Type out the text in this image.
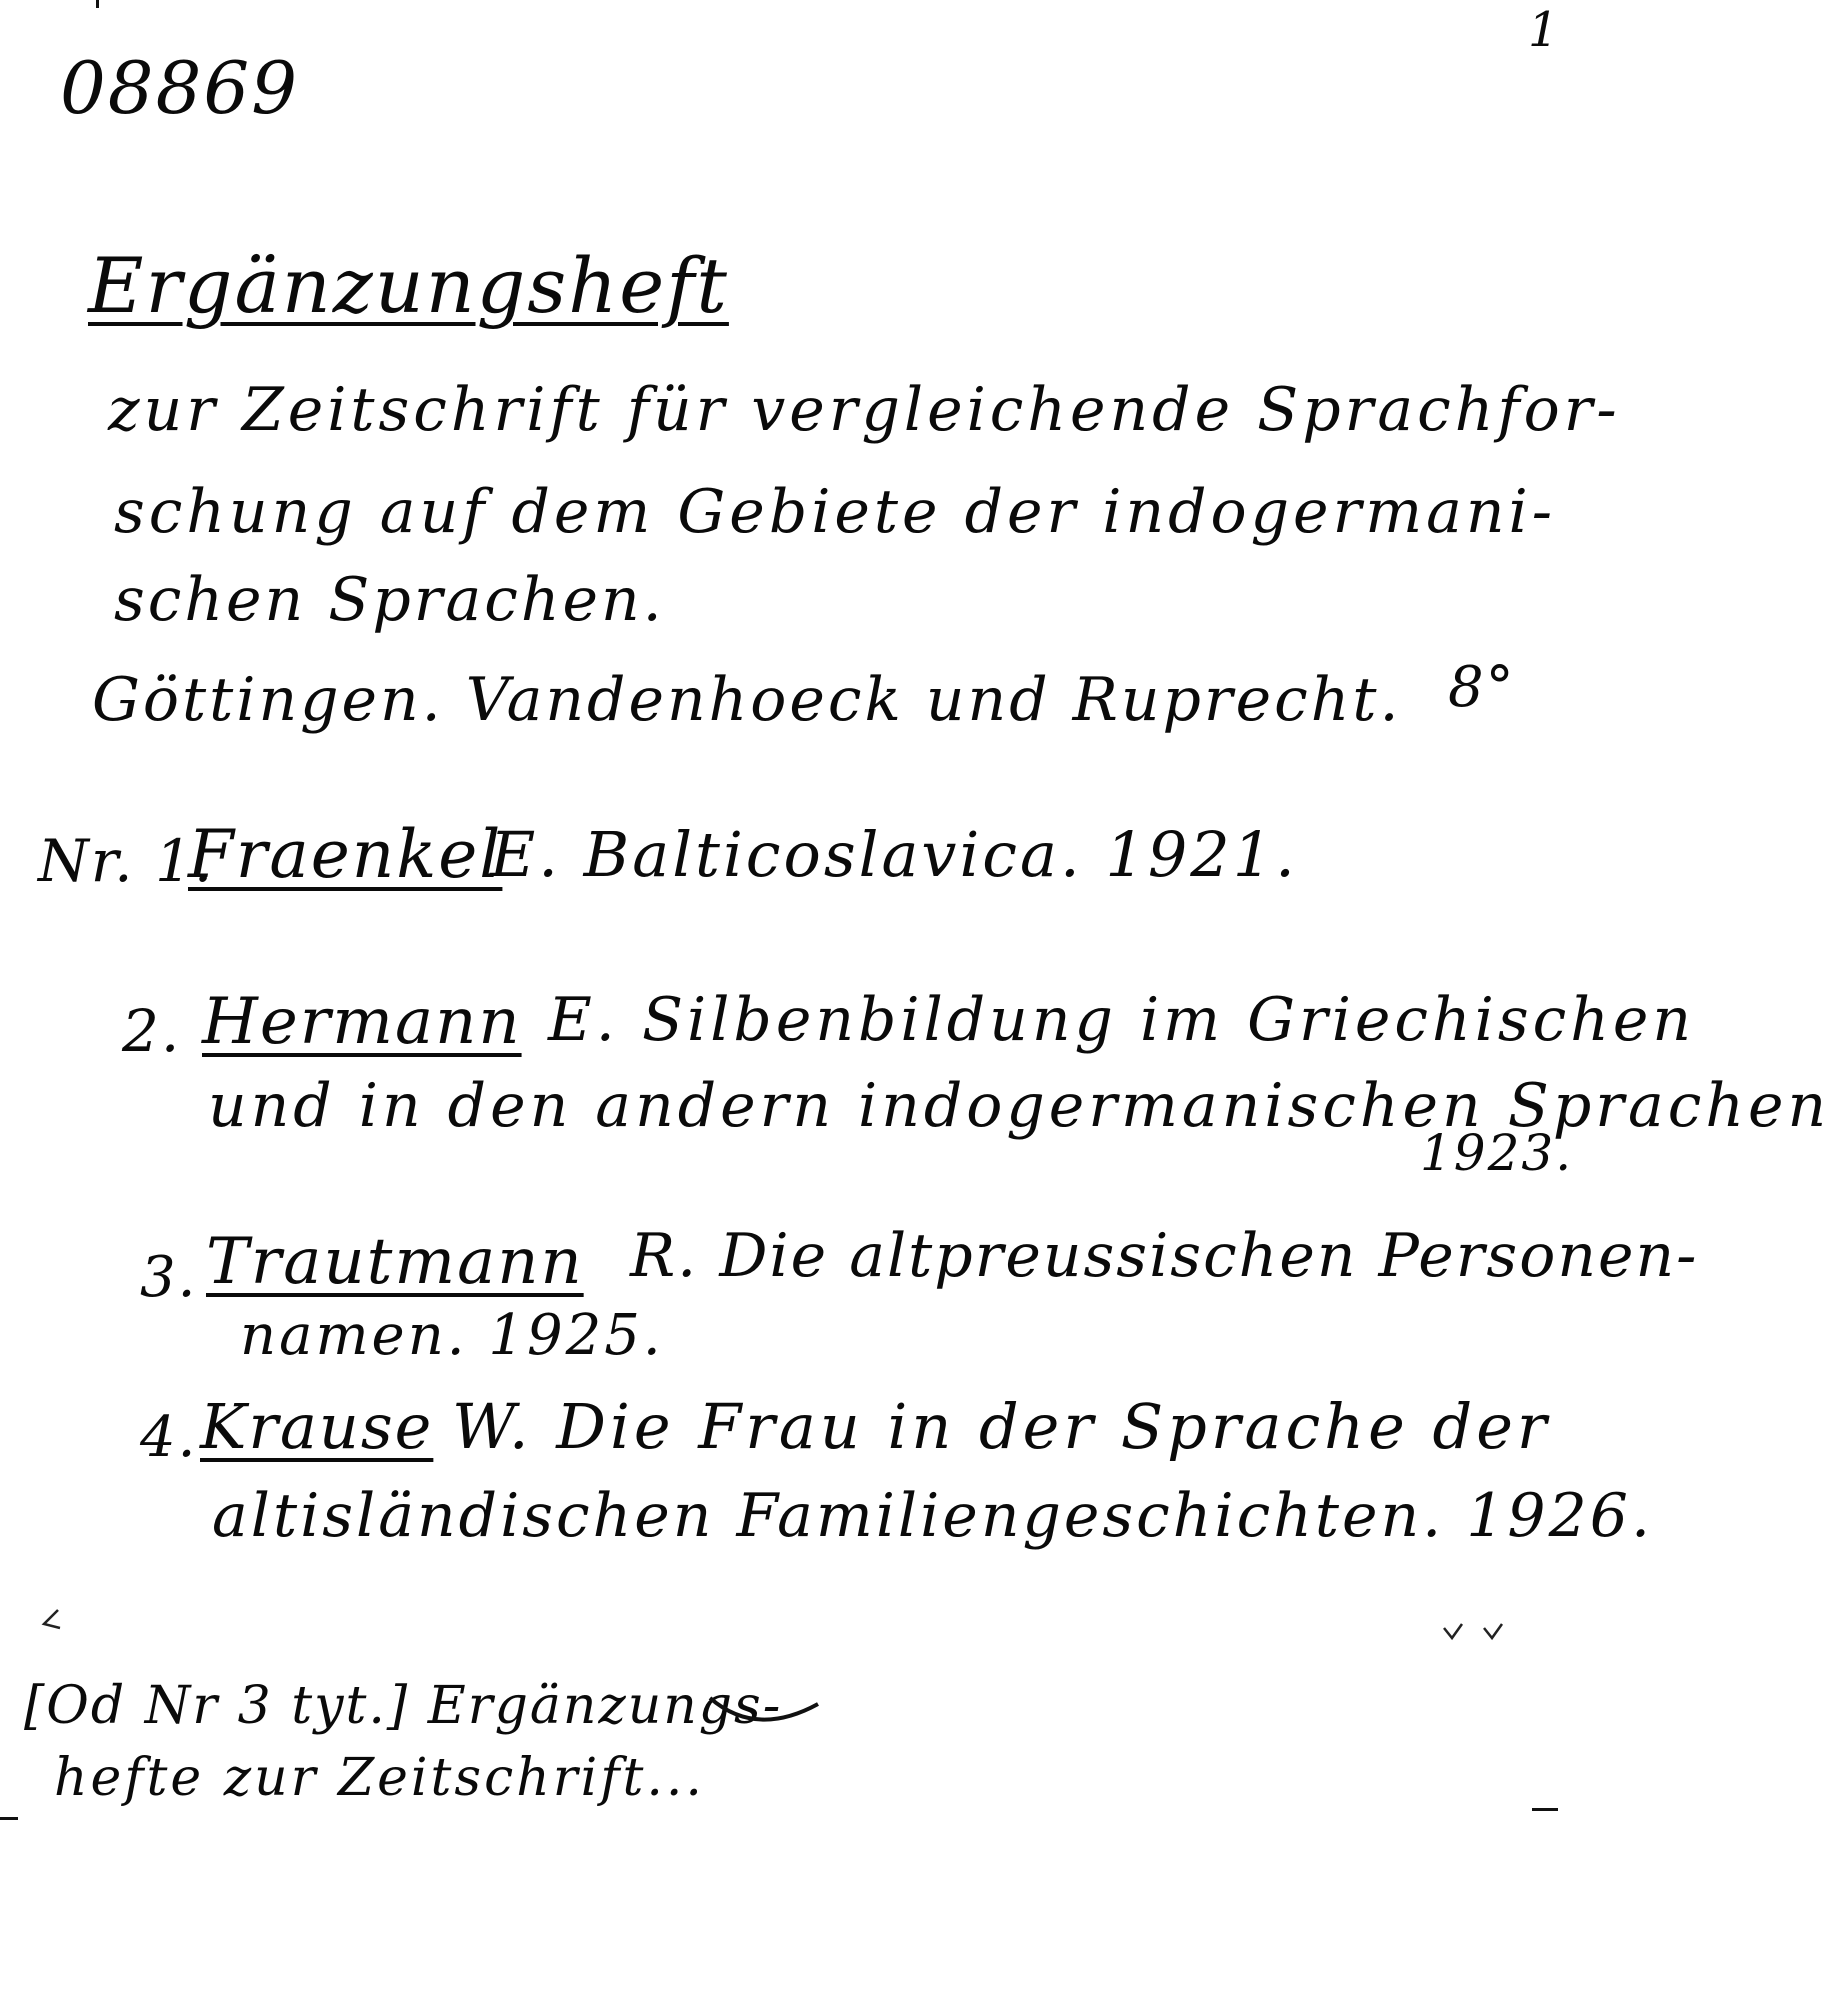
08869
1
Ergänzungsheft
zur Zeitschrift für vergleichende Sprachfor-
schung auf dem Gebiete der indogermani-
schen Sprachen.
Göttingen. Vandenhoeck und Ruprecht. 8°
Nr. 1.
Fraenkel
E. Balticoslavica. 1921.
2. Hermann E. Silbenbildung im Griechischen
und in den andern indogermanischen Sprachen
1923.
3. Trautmann R. Die altpreussischen Personen-
namen. 1925.
4. Krause W. Die Frau in der Sprache der
altisländischen Familiengeschichten. 1926.
[Od Nr 3 tyt.] Ergänzungs-
hefte zur Zeitschrift...
